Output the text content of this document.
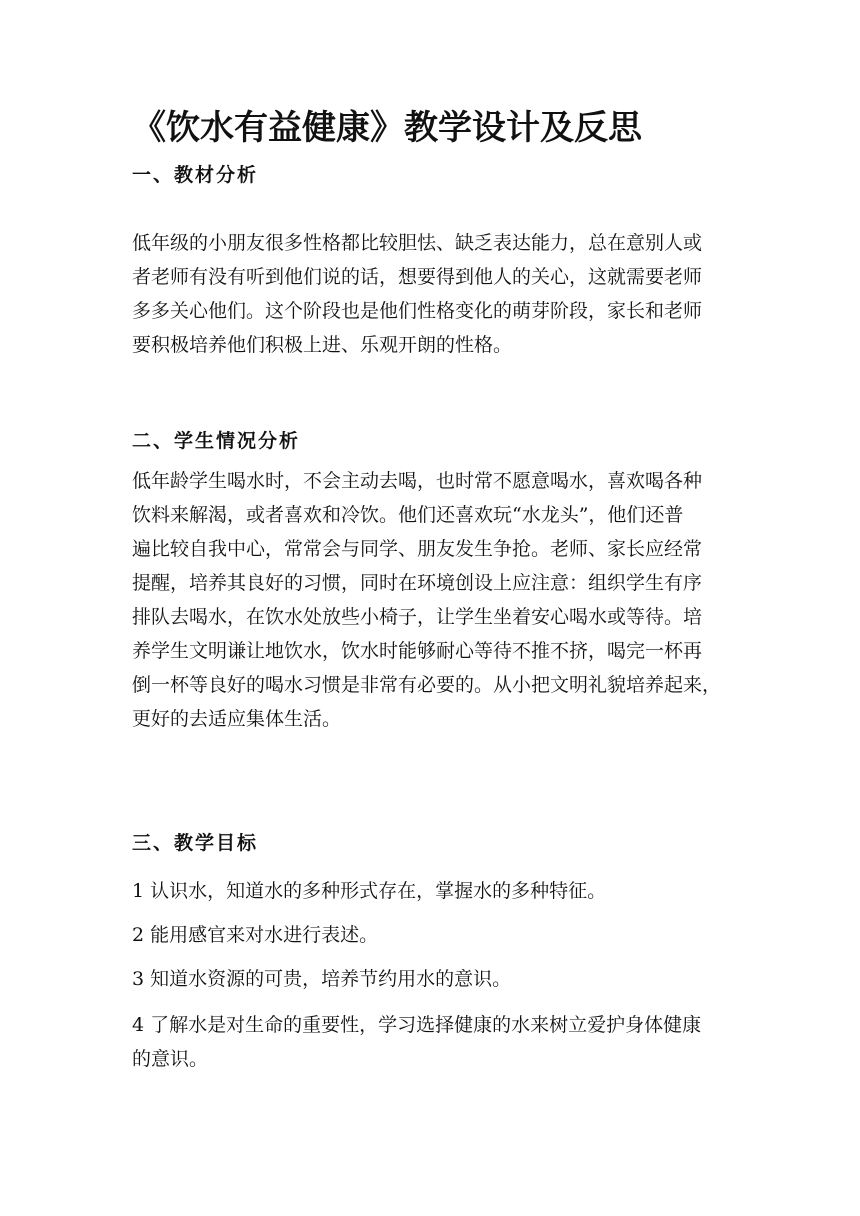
《饮水有益健康》教学设计及反思
一、教材分析
低年级的小朋友很多性格都比较胆怯、缺乏表达能力，总在意别人或
者老师有没有听到他们说的话，想要得到他人的关心，这就需要老师
多多关心他们。这个阶段也是他们性格变化的萌芽阶段，家长和老师
要积极培养他们积极上进、乐观开朗的性格。
二、学生情况分析
低年龄学生喝水时，不会主动去喝，也时常不愿意喝水，喜欢喝各种
饮料来解渴，或者喜欢和冷饮。他们还喜欢玩“水龙头”，他们还普
遍比较自我中心，常常会与同学、朋友发生争抢。老师、家长应经常
提醒，培养其良好的习惯，同时在环境创设上应注意：组织学生有序
排队去喝水，在饮水处放些小椅子，让学生坐着安心喝水或等待。培
养学生文明谦让地饮水，饮水时能够耐心等待不推不挤，喝完一杯再
倒一杯等良好的喝水习惯是非常有必要的。从小把文明礼貌培养起来，
更好的去适应集体生活。
三、教学目标
1 认识水，知道水的多种形式存在，掌握水的多种特征。
2 能用感官来对水进行表述。
3 知道水资源的可贵，培养节约用水的意识。
4 了解水是对生命的重要性，学习选择健康的水来树立爱护身体健康
的意识。
